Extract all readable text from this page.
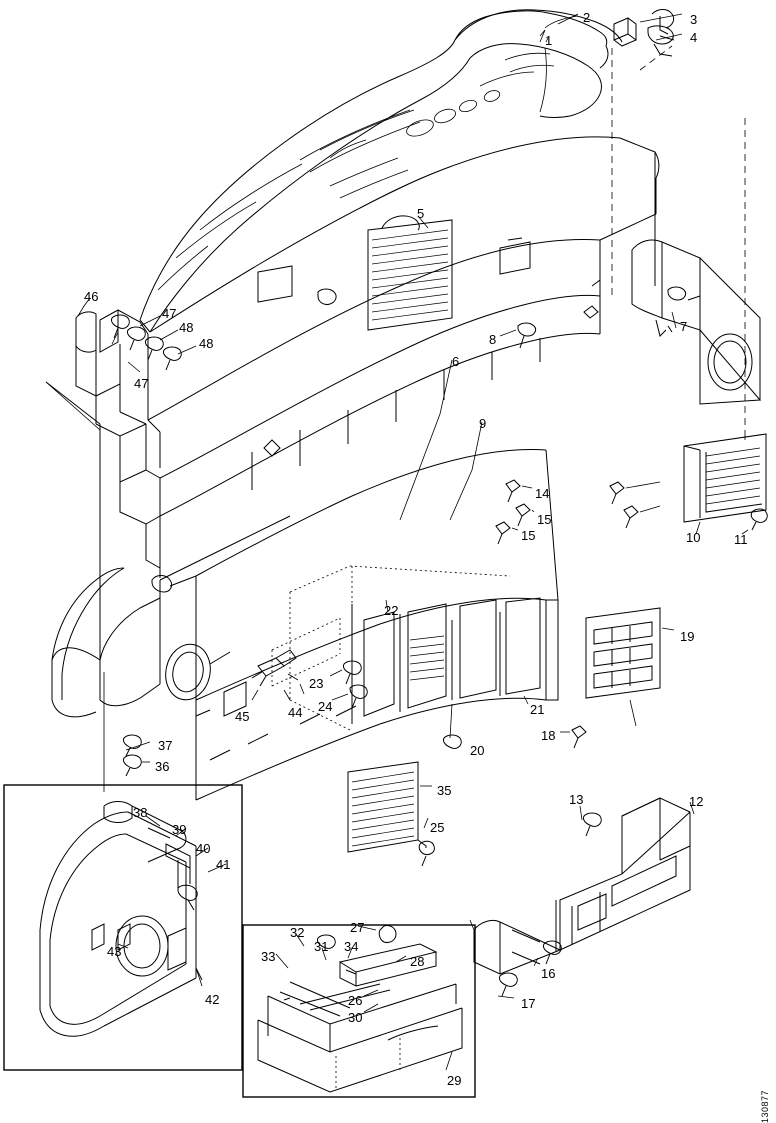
1
2	3
4
5
6
7
8
9
10	11
12
13
14
15
15
16
17
18
19
20
21
22
23
24
25
26
27
28
29
30
31
32
33
34
35
36
37
38
39
40
41
42
43
44
45
46
47
47
48
48
130877
